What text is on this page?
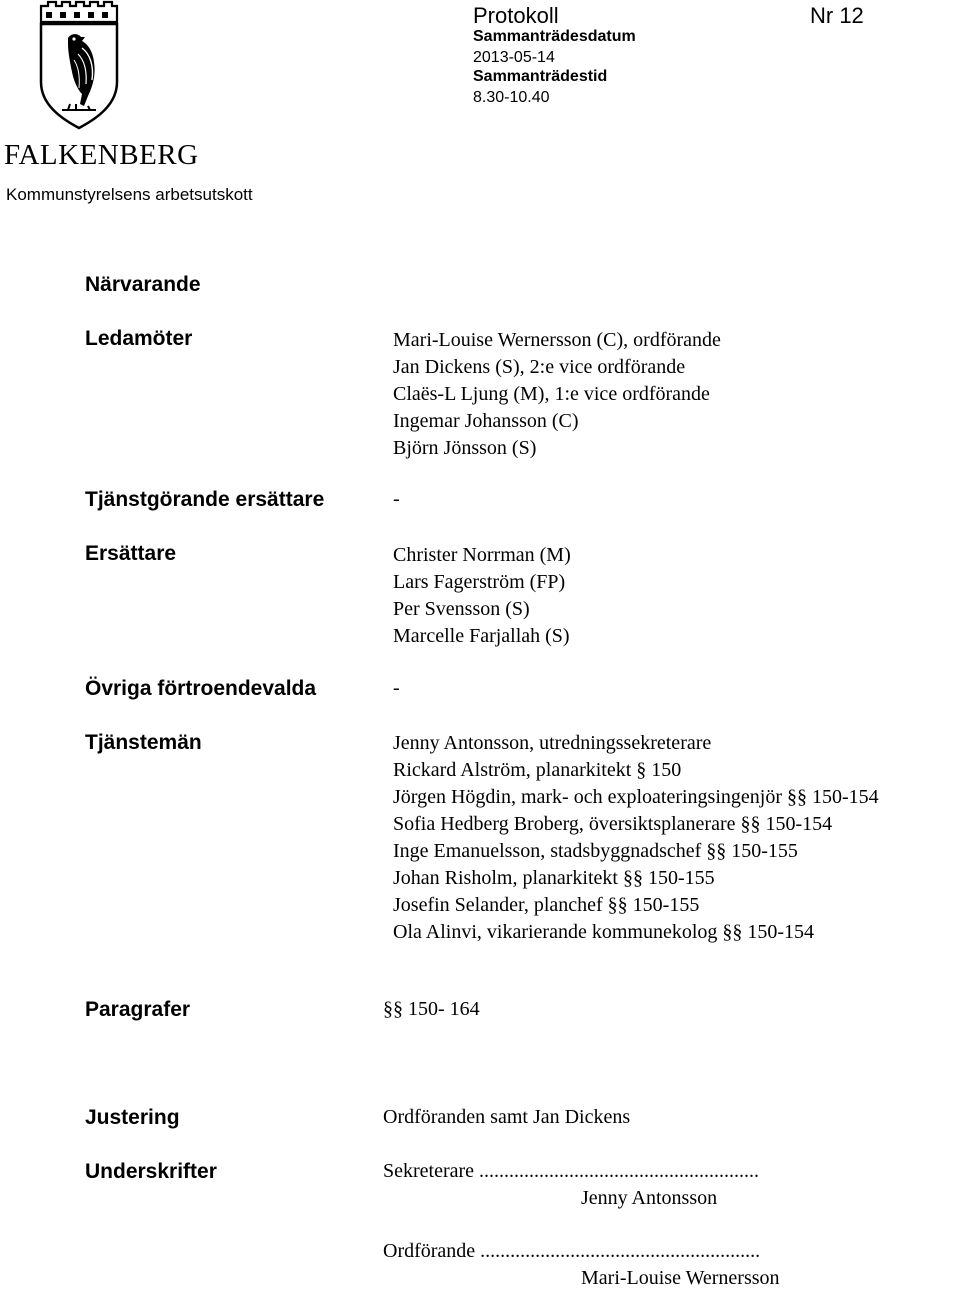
FALKENBERG
Kommunstyrelsens arbetsutskott
Protokoll	Nr 12
Sammanträdesdatum
2013-05-14
Sammanträdestid
8.30-10.40
Närvarande
Ledamöter	Mari-Louise Wernersson (C), ordförande
Jan Dickens (S), 2:e vice ordförande
Claës-L Ljung (M), 1:e vice ordförande
Ingemar Johansson (C)
Björn Jönsson (S)
Tjänstgörande ersättare	-
Ersättare	Christer Norrman (M)
Lars Fagerström (FP)
Per Svensson (S)
Marcelle Farjallah (S)
Övriga förtroendevalda	-
Tjänstemän	Jenny Antonsson, utredningssekreterare
Rickard Alström, planarkitekt § 150
Jörgen Högdin, mark- och exploateringsingenjör §§ 150-154
Sofia Hedberg Broberg, översiktsplanerare §§ 150-154
Inge Emanuelsson, stadsbyggnadschef §§ 150-155
Johan Risholm, planarkitekt §§ 150-155
Josefin Selander, planchef §§ 150-155
Ola Alinvi, vikarierande kommunekolog §§ 150-154
Paragrafer	§§ 150- 164
Justering	Ordföranden samt Jan Dickens
Underskrifter	Sekreterare ........................................................
Jenny Antonsson
Ordförande ........................................................
Mari-Louise Wernersson
